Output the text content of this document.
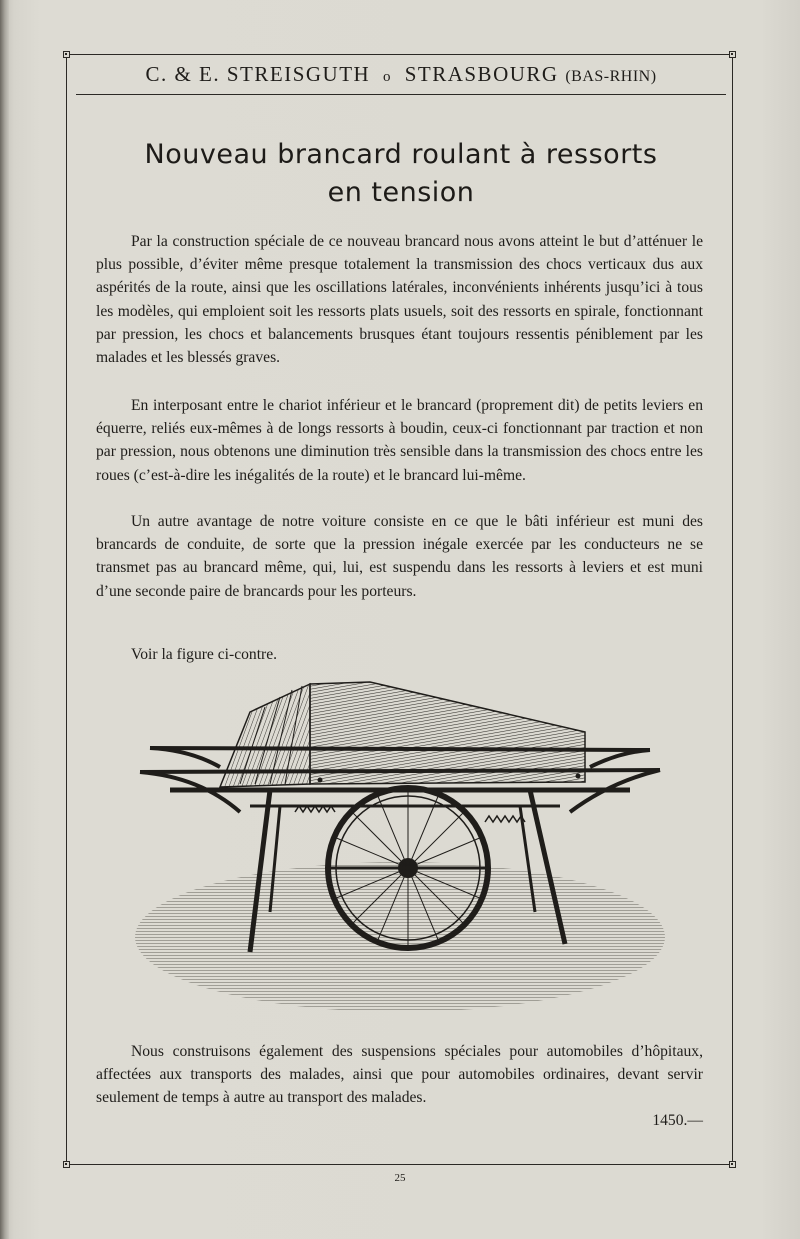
C. & E. STREISGUTH o STRASBOURG (BAS-RHIN)
Nouveau brancard roulant à ressorts
en tension

Par la construction spéciale de ce nouveau brancard nous avons atteint le but d’atténuer le plus possible, d’éviter même presque totalement la transmission des chocs verticaux dus aux aspérités de la route, ainsi que les oscillations latérales, inconvénients inhérents jusqu’ici à tous les modèles, qui emploient soit les ressorts plats usuels, soit des ressorts en spirale, fonctionnant par pression, les chocs et balancements brusques étant toujours ressentis péniblement par les malades et les blessés graves.

En interposant entre le chariot inférieur et le brancard (proprement dit) de petits leviers en équerre, reliés eux-mêmes à de longs ressorts à boudin, ceux-ci fonctionnant par traction et non par pression, nous obtenons une diminution très sensible dans la transmission des chocs entre les roues (c’est-à-dire les inégalités de la route) et le brancard lui-même.

Un autre avantage de notre voiture consiste en ce que le bâti inférieur est muni des brancards de conduite, de sorte que la pression inégale exercée par les conducteurs ne se transmet pas au brancard même, qui, lui, est suspendu dans les ressorts à leviers et est muni d’une seconde paire de brancards pour les porteurs.

Voir la figure ci-contre.

Nous construisons également des suspensions spéciales pour automobiles d’hôpitaux, affectées aux transports des malades, ainsi que pour automobiles ordinaires, devant servir seulement de temps à autre au transport des malades.

1450.—
25
